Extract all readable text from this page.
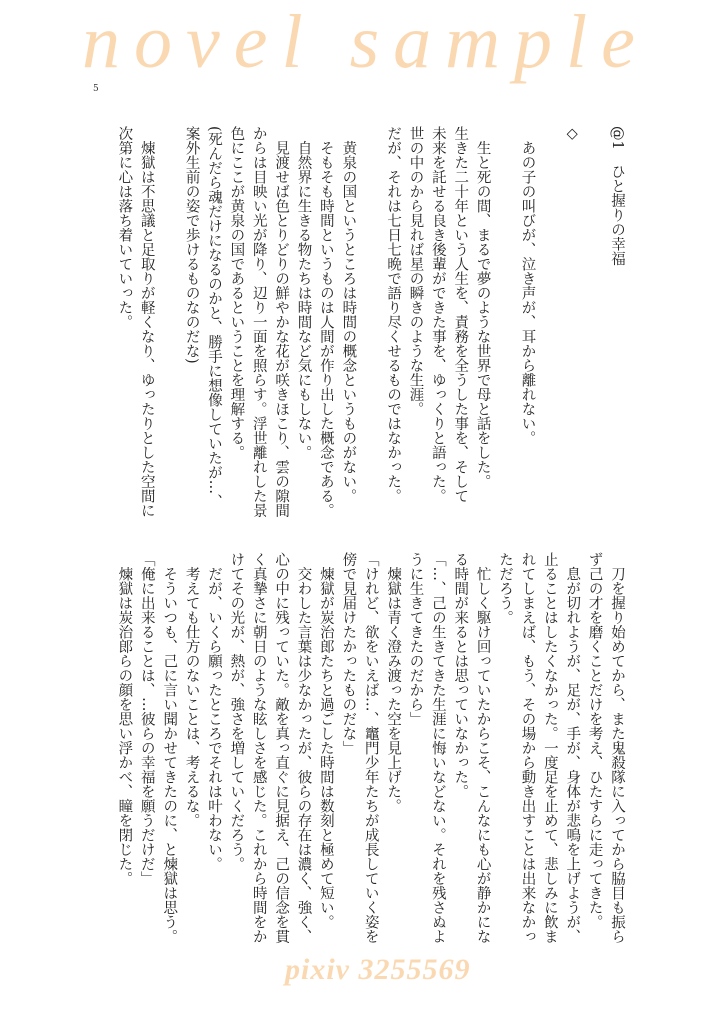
novel sample
5
@1　ひと握りの幸福
◇
　あの子の叫びが、泣き声が、耳から離れない。
　生と死の間、まるで夢のような世界で母と話をした。
生きた二十年という人生を、責務を全うした事を、そして
未来を託せる良き後輩ができた事を、ゆっくりと語った。
世の中のから見れば星の瞬きのような生涯。
だが、それは七日七晩で語り尽くせるものではなかった。
　黄泉の国というところは時間の概念というものがない。
　そもそも時間というものは人間が作り出した概念である。
　自然界に生きる物たちは時間など気にもしない。
　見渡せば色とりどりの鮮やかな花が咲きほこり、雲の隙間
からは目映い光が降り、辺り一面を照らす。浮世離れした景
色にここが黄泉の国であるということを理解する。
(死んだら魂だけになるのかと、勝手に想像していたが…、
案外生前の姿で歩けるものなのだな)
　煉獄は不思議と足取りが軽くなり、ゆったりとした空間に
次第に心は落ち着いていった。
　刀を握り始めてから、また鬼殺隊に入ってから脇目も振ら
ず己の才を磨くことだけを考え、ひたすらに走ってきた。
　息が切れようが、足が、手が、身体が悲鳴を上げようが、
止ることはしたくなかった。一度足を止めて、悲しみに飲ま
れてしまえば、もう、その場から動き出すことは出来なかっ
ただろう。
　忙しく駆け回っていたからこそ、こんなにも心が静かにな
る時間が来るとは思っていなかった。
「…、己の生きてきた生涯に悔いなどない。それを残さぬよ
うに生きてきたのだから」
　煉獄は青く澄み渡った空を見上げた。
「けれど、欲をいえば…、竈門少年たちが成長していく姿を
傍で見届けたかったものだな」
　煉獄が炭治郎たちと過ごした時間は数刻と極めて短い。
　交わした言葉は少なかったが、彼らの存在は濃く、強く、
心の中に残っていた。敵を真っ直ぐに見据え、己の信念を貫
く真摯さに朝日のような眩しさを感じた。これから時間をか
けてその光が、熱が、強さを増していくだろう。
　だが、いくら願ったところでそれは叶わない。
　考えても仕方のないことは、考えるな。
　そういつも、己に言い聞かせてきたのに、と煉獄は思う。
「俺に出来ることは、…彼らの幸福を願うだけだ」
　煉獄は炭治郎らの顔を思い浮かべ、瞳を閉じた。
pixiv 3255569
